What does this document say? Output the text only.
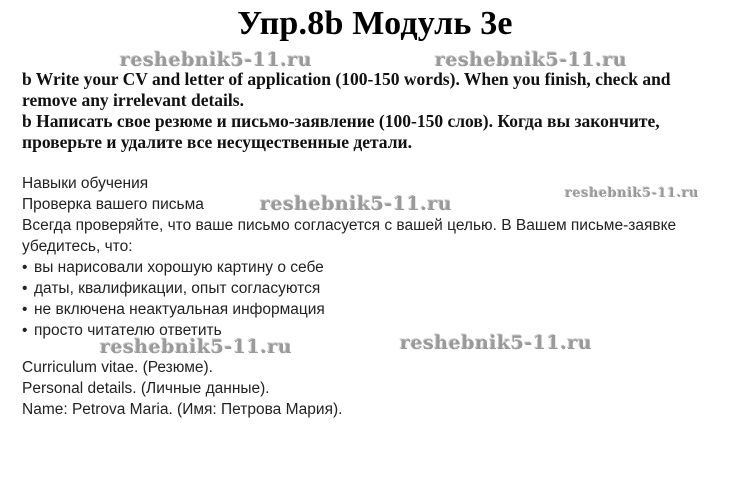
Упр.8b Модуль 3e
b Write your CV and letter of application (100-150 words). When you finish, check and
remove any irrelevant details.
b Написать свое резюме и письмо-заявление (100-150 слов). Когда вы закончите,
проверьте и удалите все несущественные детали.
Навыки обучения
Проверка вашего письма
Всегда проверяйте, что ваше письмо согласуется с вашей целью. В Вашем письме-заявке
убедитесь, что:
• вы нарисовали хорошую картину о себе
• даты, квалификации, опыт согласуются
• не включена неактуальная информация
• просто читателю ответить
Curriculum vitae. (Резюме).
Personal details. (Личные данные).
Name: Petrova Maria. (Имя: Петрова Мария).
reshebnik5-11.ru	reshebnik5-11.ru
reshebnik5-11.ru	reshebnik5-11.ru
reshebnik5-11.ru	reshebnik5-11.ru
